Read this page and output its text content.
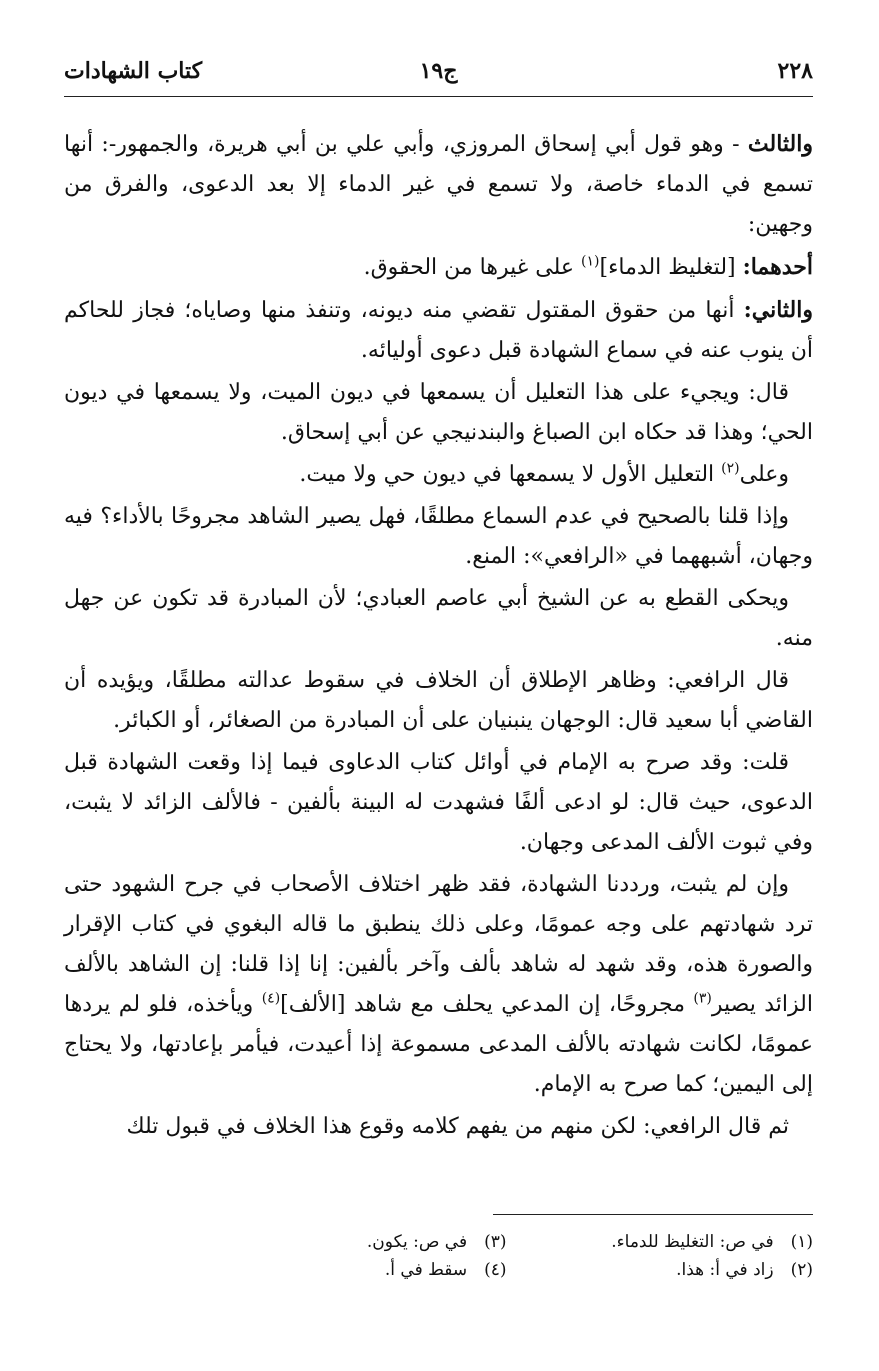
٢٢٨
ج١٩
كتاب الشهادات

والثالث - وهو قول أبي إسحاق المروزي، وأبي علي بن أبي هريرة، والجمهور-: أنها تسمع في الدماء خاصة، ولا تسمع في غير الدماء إلا بعد الدعوى، والفرق من وجهين:

أحدهما: [لتغليظ الدماء]$^{(١)}$ على غيرها من الحقوق.

والثاني: أنها من حقوق المقتول تقضي منه ديونه، وتنفذ منها وصاياه؛ فجاز للحاكم أن ينوب عنه في سماع الشهادة قبل دعوى أوليائه.

قال: ويجيء على هذا التعليل أن يسمعها في ديون الميت، ولا يسمعها في ديون الحي؛ وهذا قد حكاه ابن الصباغ والبندنيجي عن أبي إسحاق.

وعلى$^{(٢)}$ التعليل الأول لا يسمعها في ديون حي ولا ميت.

وإذا قلنا بالصحيح في عدم السماع مطلقًا، فهل يصير الشاهد مجروحًا بالأداء؟ فيه وجهان، أشبههما في «الرافعي»: المنع.

ويحكى القطع به عن الشيخ أبي عاصم العبادي؛ لأن المبادرة قد تكون عن جهل منه.

قال الرافعي: وظاهر الإطلاق أن الخلاف في سقوط عدالته مطلقًا، ويؤيده أن القاضي أبا سعيد قال: الوجهان ينبنيان على أن المبادرة من الصغائر، أو الكبائر.

قلت: وقد صرح به الإمام في أوائل كتاب الدعاوى فيما إذا وقعت الشهادة قبل الدعوى، حيث قال: لو ادعى ألفًا فشهدت له البينة بألفين - فالألف الزائد لا يثبت، وفي ثبوت الألف المدعى وجهان.

وإن لم يثبت، ورددنا الشهادة، فقد ظهر اختلاف الأصحاب في جرح الشهود حتى ترد شهادتهم على وجه عمومًا، وعلى ذلك ينطبق ما قاله البغوي في كتاب الإقرار والصورة هذه، وقد شهد له شاهد بألف وآخر بألفين: إنا إذا قلنا: إن الشاهد بالألف الزائد يصير$^{(٣)}$ مجروحًا، إن المدعي يحلف مع شاهد [الألف]$^{(٤)}$ ويأخذه، فلو لم يردها عمومًا، لكانت شهادته بالألف المدعى مسموعة إذا أعيدت، فيأمر بإعادتها، ولا يحتاج إلى اليمين؛ كما صرح به الإمام.

ثم قال الرافعي: لكن منهم من يفهم كلامه وقوع هذا الخلاف في قبول تلك

(١) في ص: التغليظ للدماء.
(٣) في ص: يكون.
(٢) زاد في أ: هذا.
(٤) سقط في أ.
